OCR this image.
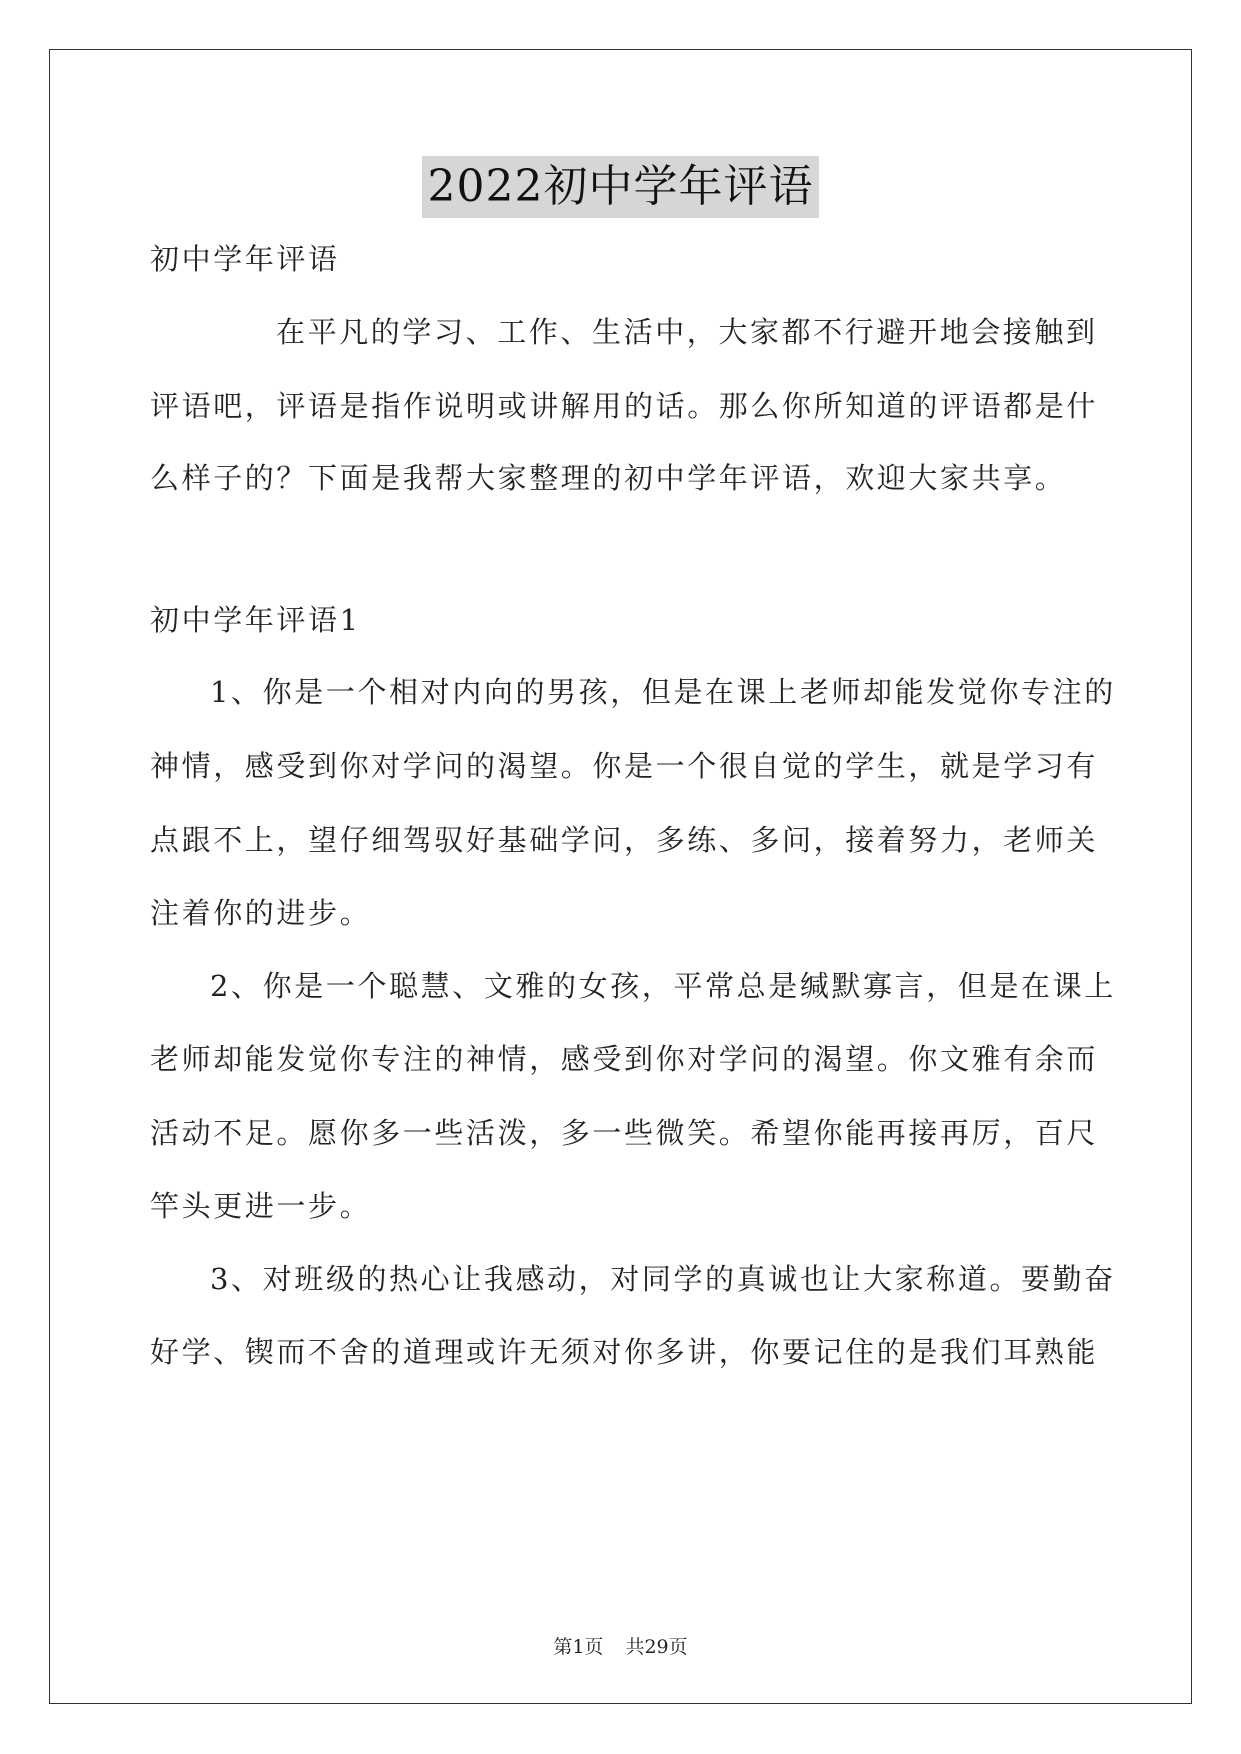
2022初中学年评语
初中学年评语
在平凡的学习、工作、生活中，大家都不行避开地会接触到
评语吧，评语是指作说明或讲解用的话。那么你所知道的评语都是什
么样子的？下面是我帮大家整理的初中学年评语，欢迎大家共享。
初中学年评语1
1、你是一个相对内向的男孩，但是在课上老师却能发觉你专注的
神情，感受到你对学问的渴望。你是一个很自觉的学生，就是学习有
点跟不上，望仔细驾驭好基础学问，多练、多问，接着努力，老师关
注着你的进步。
2、你是一个聪慧、文雅的女孩，平常总是缄默寡言，但是在课上
老师却能发觉你专注的神情，感受到你对学问的渴望。你文雅有余而
活动不足。愿你多一些活泼，多一些微笑。希望你能再接再厉，百尺
竿头更进一步。
3、对班级的热心让我感动，对同学的真诚也让大家称道。要勤奋
好学、锲而不舍的道理或许无须对你多讲，你要记住的是我们耳熟能
第1页 共29页
